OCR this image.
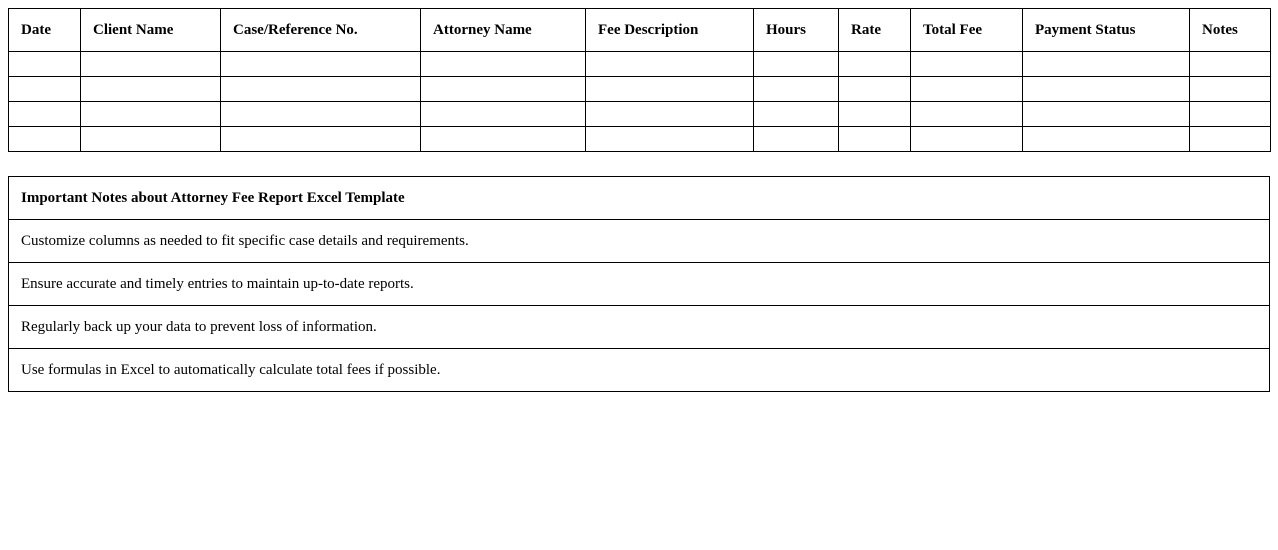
Date	Client Name	Case/Reference No.	Attorney Name	Fee Description	Hours	Rate	Total Fee	Payment Status	Notes

Important Notes about Attorney Fee Report Excel Template
Customize columns as needed to fit specific case details and requirements.
Ensure accurate and timely entries to maintain up-to-date reports.
Regularly back up your data to prevent loss of information.
Use formulas in Excel to automatically calculate total fees if possible.
